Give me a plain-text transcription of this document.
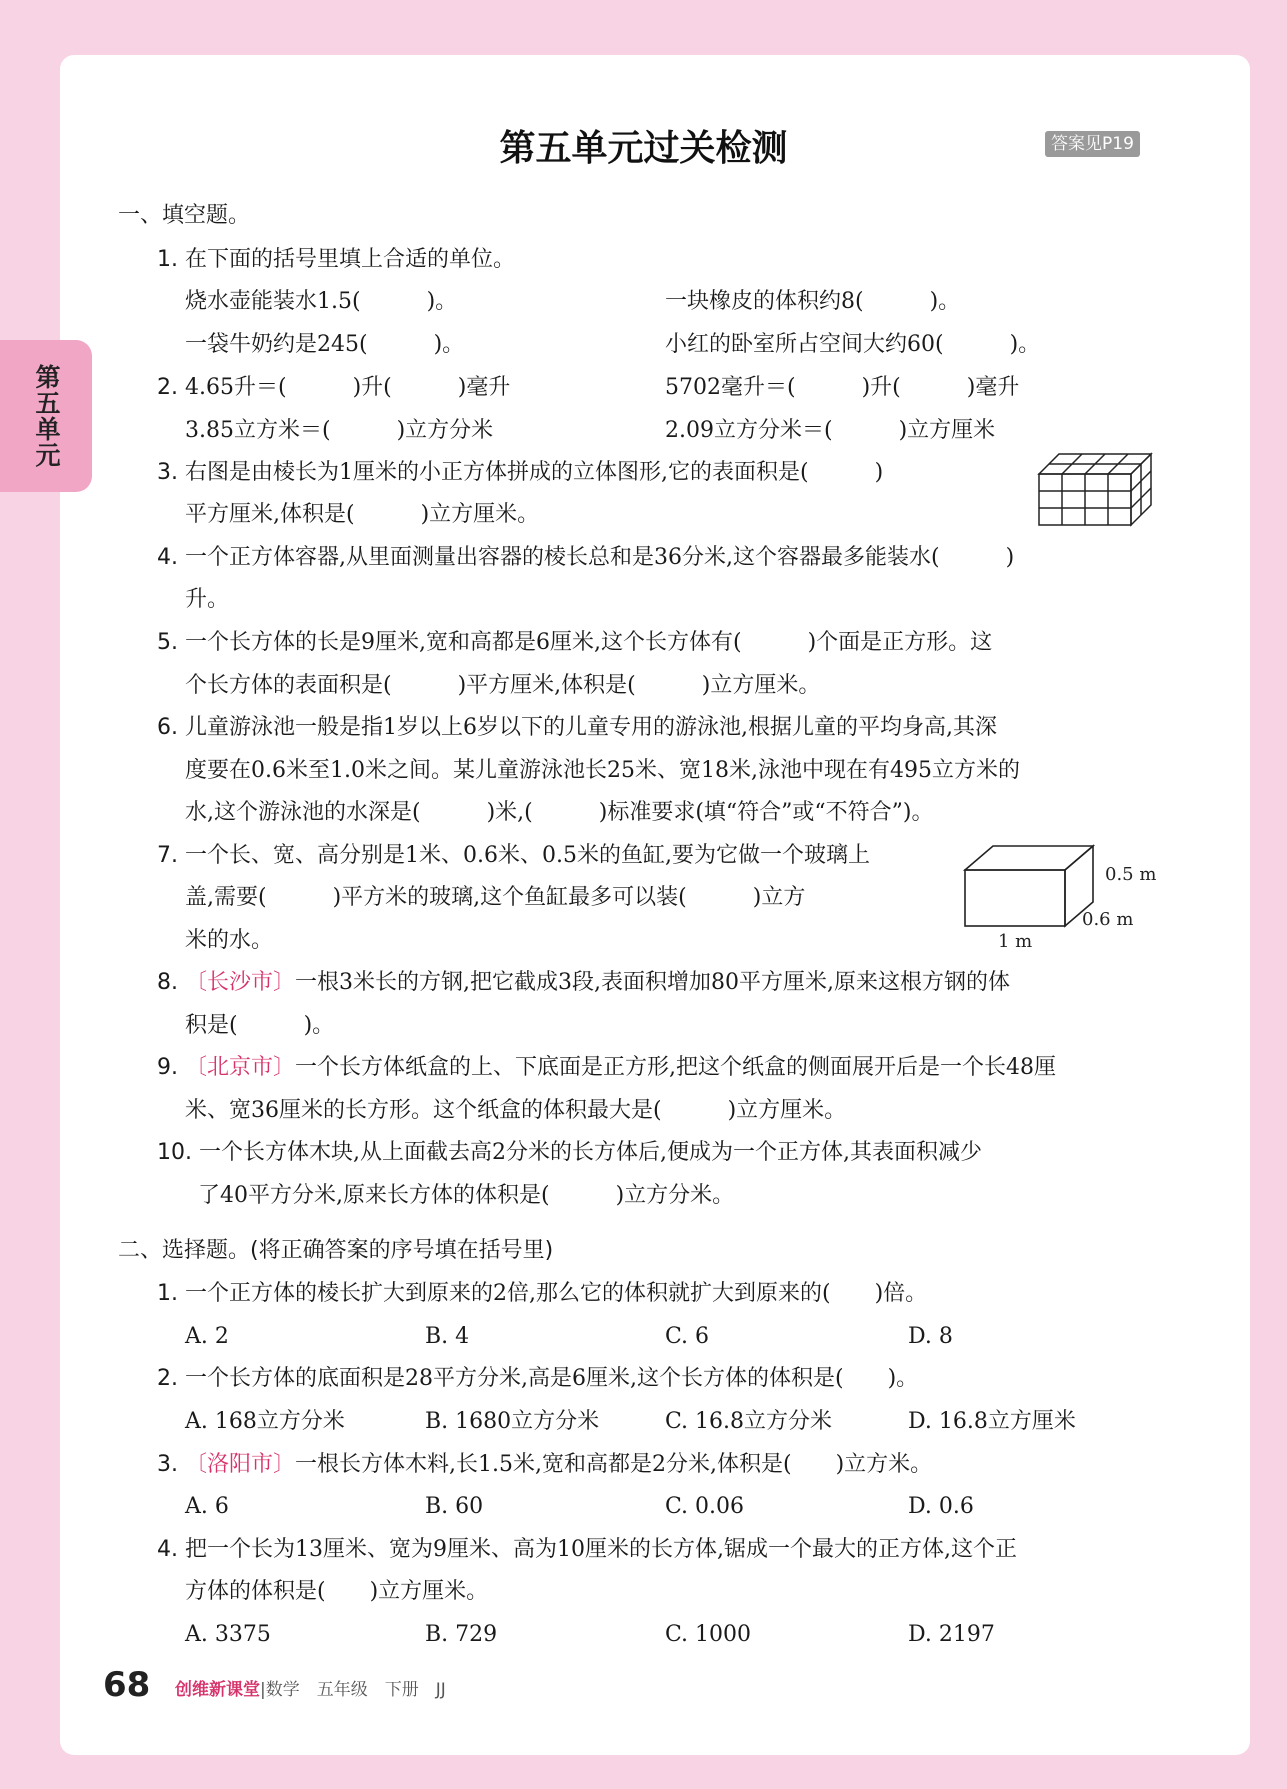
第五单元
第五单元过关检测	答案见P19
一、填空题。
1. 在下面的括号里填上合适的单位。
烧水壶能装水1.5(　　　)。	一块橡皮的体积约8(　　　)。
一袋牛奶约是245(　　　)。	小红的卧室所占空间大约60(　　　)。
2. 4.65升＝(　　　)升(　　　)毫升	5702毫升＝(　　　)升(　　　)毫升
3.85立方米＝(　　　)立方分米	2.09立方分米＝(　　　)立方厘米
3. 右图是由棱长为1厘米的小正方体拼成的立体图形,它的表面积是(　　　)
平方厘米,体积是(　　　)立方厘米。
4. 一个正方体容器,从里面测量出容器的棱长总和是36分米,这个容器最多能装水(　　　)
升。
5. 一个长方体的长是9厘米,宽和高都是6厘米,这个长方体有(　　　)个面是正方形。这
个长方体的表面积是(　　　)平方厘米,体积是(　　　)立方厘米。
6. 儿童游泳池一般是指1岁以上6岁以下的儿童专用的游泳池,根据儿童的平均身高,其深
度要在0.6米至1.0米之间。某儿童游泳池长25米、宽18米,泳池中现在有495立方米的
水,这个游泳池的水深是(　　　)米,(　　　)标准要求(填“符合”或“不符合”)。
7. 一个长、宽、高分别是1米、0.6米、0.5米的鱼缸,要为它做一个玻璃上
盖,需要(　　　)平方米的玻璃,这个鱼缸最多可以装(　　　)立方
米的水。
0.5 m
0.6 m
1 m
8. 〔长沙市〕一根3米长的方钢,把它截成3段,表面积增加80平方厘米,原来这根方钢的体
积是(　　　)。
9. 〔北京市〕一个长方体纸盒的上、下底面是正方形,把这个纸盒的侧面展开后是一个长48厘
米、宽36厘米的长方形。这个纸盒的体积最大是(　　　)立方厘米。
10. 一个长方体木块,从上面截去高2分米的长方体后,便成为一个正方体,其表面积减少
了40平方分米,原来长方体的体积是(　　　)立方分米。
二、选择题。(将正确答案的序号填在括号里)
1. 一个正方体的棱长扩大到原来的2倍,那么它的体积就扩大到原来的(　　)倍。
A. 2	B. 4	C. 6	D. 8
2. 一个长方体的底面积是28平方分米,高是6厘米,这个长方体的体积是(　　)。
A. 168立方分米	B. 1680立方分米	C. 16.8立方分米	D. 16.8立方厘米
3. 〔洛阳市〕一根长方体木料,长1.5米,宽和高都是2分米,体积是(　　)立方米。
A. 6	B. 60	C. 0.06	D. 0.6
4. 把一个长为13厘米、宽为9厘米、高为10厘米的长方体,锯成一个最大的正方体,这个正
方体的体积是(　　)立方厘米。
A. 3375	B. 729	C. 1000	D. 2197
68 创维新课堂|数学　五年级　下册　JJ
